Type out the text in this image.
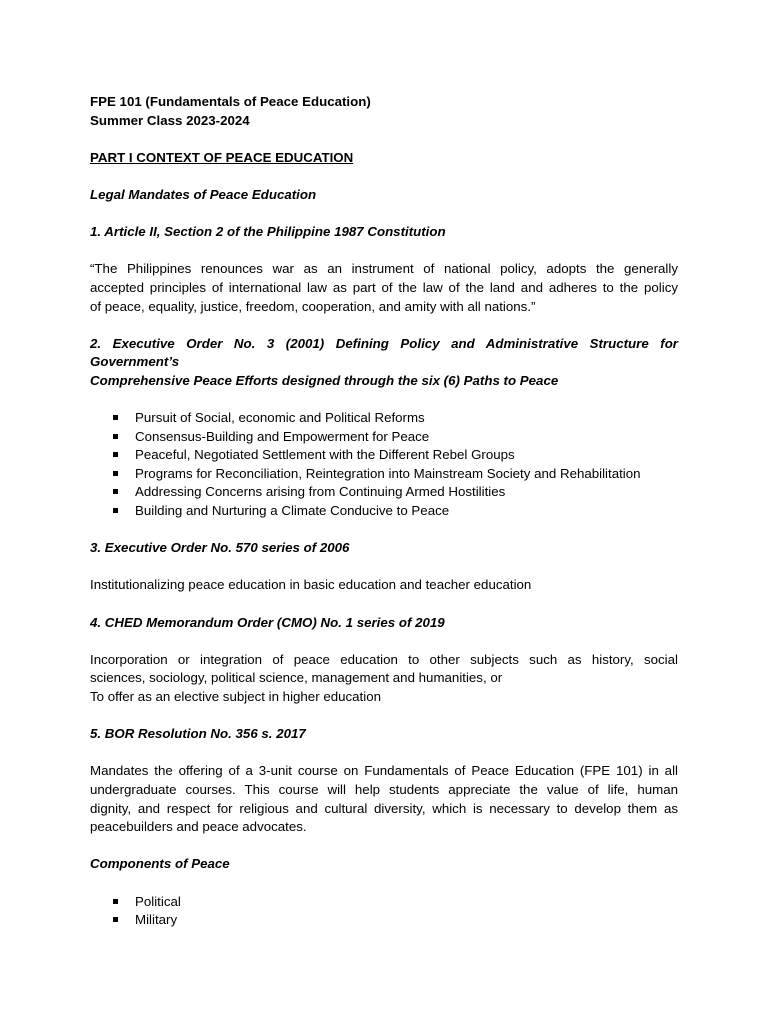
FPE 101 (Fundamentals of Peace Education)

Summer Class 2023-2024

PART I CONTEXT OF PEACE EDUCATION

Legal Mandates of Peace Education

1. Article II, Section 2 of the Philippine 1987 Constitution

“The Philippines renounces war as an instrument of national policy, adopts the generally

accepted principles of international law as part of the law of the land and adheres to the policy

of peace, equality, justice, freedom, cooperation, and amity with all nations.”

2. Executive Order No. 3 (2001) Defining Policy and Administrative Structure for Government’s

Comprehensive Peace Efforts designed through the six (6) Paths to Peace

Pursuit of Social, economic and Political Reforms
Consensus-Building and Empowerment for Peace
Peaceful, Negotiated Settlement with the Different Rebel Groups
Programs for Reconciliation, Reintegration into Mainstream Society and Rehabilitation
Addressing Concerns arising from Continuing Armed Hostilities
Building and Nurturing a Climate Conducive to Peace

3. Executive Order No. 570 series of 2006

Institutionalizing peace education in basic education and teacher education

4. CHED Memorandum Order (CMO) No. 1 series of 2019

Incorporation or integration of peace education to other subjects such as history, social

sciences, sociology, political science, management and humanities, or

To offer as an elective subject in higher education

5. BOR Resolution No. 356 s. 2017

Mandates the offering of a 3-unit course on Fundamentals of Peace Education (FPE 101) in all

undergraduate courses. This course will help students appreciate the value of life, human

dignity, and respect for religious and cultural diversity, which is necessary to develop them as

peacebuilders and peace advocates.

Components of Peace

Political
Military
